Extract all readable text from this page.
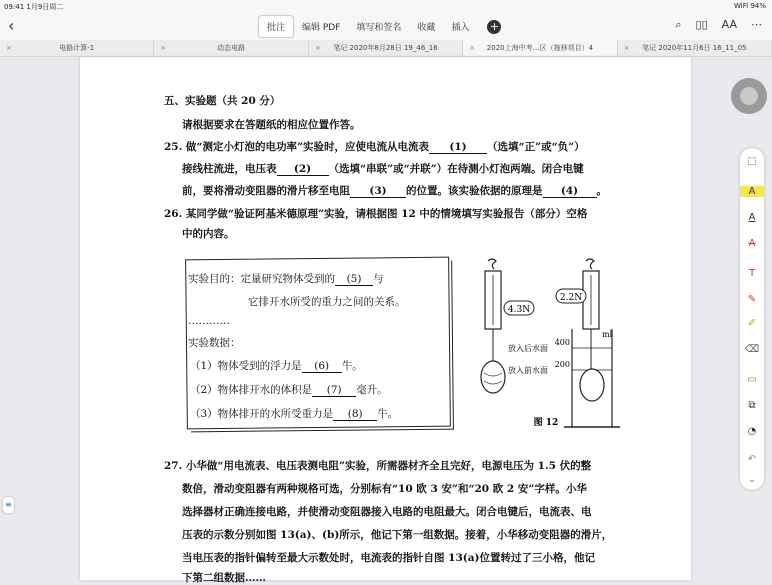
09:41 1月9日周二	WiFi 94%
‹	批注	编辑 PDF	填写和签名	收藏	插入	+	⌕ ▯▯ AA ⋯
×	电路计算-1	×	动态电路	× 笔记 2020年8月28日 19_46_16	× 2020上海中考…区（拖移项目）4	× 笔记 2020年11月6日 16_11_05
五、实验题（共 20 分）
请根据要求在答题纸的相应位置作答。
25. 做“测定小灯泡的电功率”实验时，应使电流从电流表 (1) （选填“正”或“负”）
接线柱流进，电压表 (2) （选填“串联”或“并联”）在待测小灯泡两端。闭合电键
前，要将滑动变阻器的滑片移至电阻 (3) 的位置。该实验依据的原理是 (4) 。
26. 某同学做“验证阿基米德原理”实验，请根据图 12 中的情境填写实验报告（部分）空格
中的内容。
实验目的：定量研究物体受到的 (5) 与
它排开水所受的重力之间的关系。
…………
实验数据：
（1）物体受到的浮力是 (6) 牛。
（2）物体排开水的体积是 (7) 毫升。
（3）物体排开的水所受重力是 (8) 牛。
4.3N
2.2N
ml
放入后水面
400
放入前水面
200
图 12
27. 小华做“用电流表、电压表测电阻”实验，所需器材齐全且完好，电源电压为 1.5 伏的整
数倍，滑动变阻器有两种规格可选，分别标有“10 欧 3 安”和“20 欧 2 安”字样。小华
选择器材正确连接电路，并使滑动变阻器接入电路的电阻最大。闭合电键后，电流表、电
压表的示数分别如图 13(a)、(b)所示，他记下第一组数据。接着，小华移动变阻器的滑片，
当电压表的指针偏转至最大示数处时，电流表的指针自图 13(a)位置转过了三小格，他记
下第二组数据……
⬚
A
A
A
T
✎
✐
⌫
▭
⧉
◔
↶
⌄
≡
